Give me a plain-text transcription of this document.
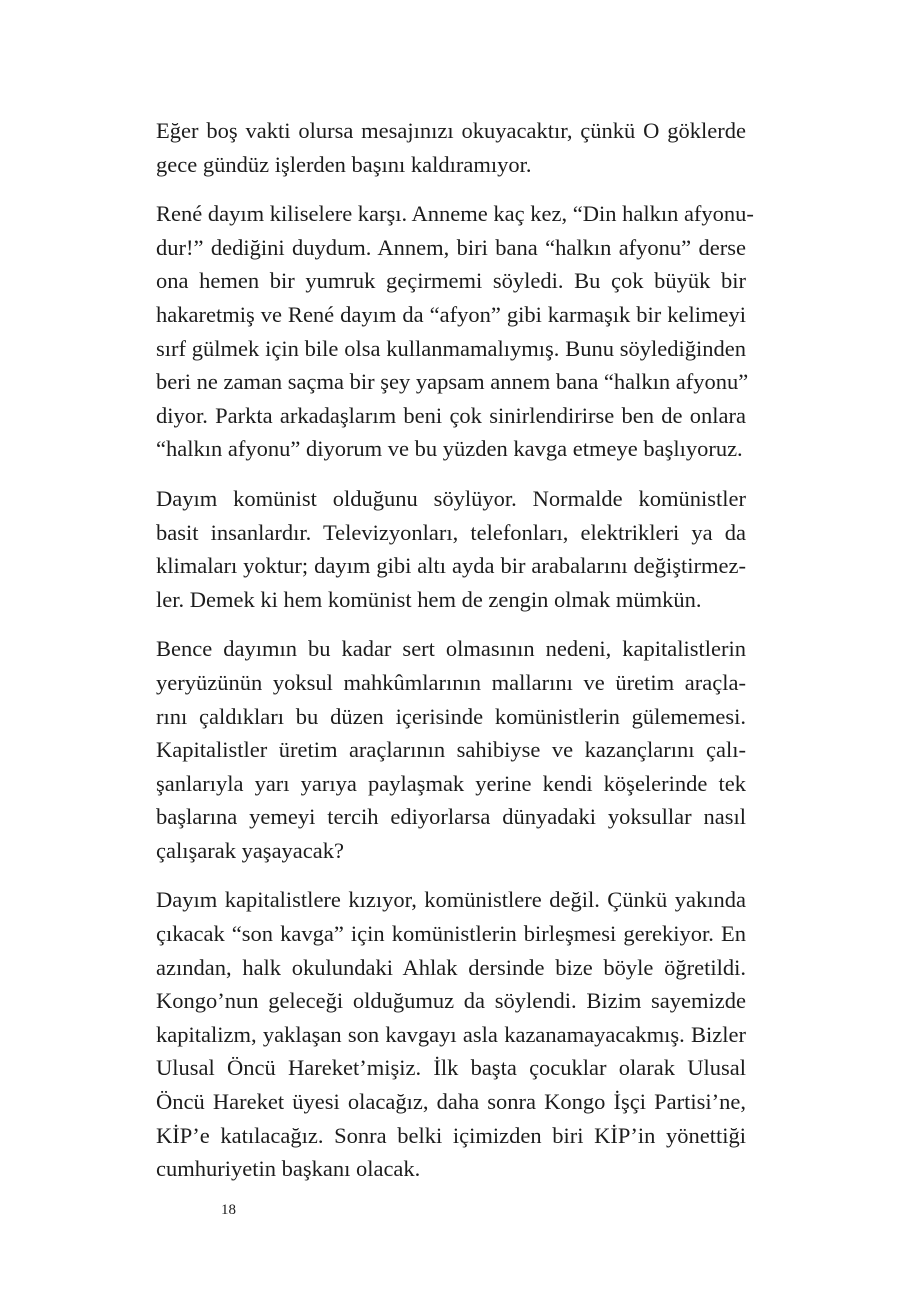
Eğer boş vakti olursa mesajınızı okuyacaktır, çünkü O göklerde
gece gündüz işlerden başını kaldıramıyor.

René dayım kiliselere karşı. Anneme kaç kez, “Din halkın afyonu-
dur!” dediğini duydum. Annem, biri bana “halkın afyonu” derse
ona hemen bir yumruk geçirmemi söyledi. Bu çok büyük bir
hakaretmiş ve René dayım da “afyon” gibi karmaşık bir kelimeyi
sırf gülmek için bile olsa kullanmamalıymış. Bunu söylediğinden
beri ne zaman saçma bir şey yapsam annem bana “halkın afyonu”
diyor. Parkta arkadaşlarım beni çok sinirlendirirse ben de onlara
“halkın afyonu” diyorum ve bu yüzden kavga etmeye başlıyoruz.

Dayım komünist olduğunu söylüyor. Normalde komünistler
basit insanlardır. Televizyonları, telefonları, elektrikleri ya da
klimaları yoktur; dayım gibi altı ayda bir arabalarını değiştirmez-
ler. Demek ki hem komünist hem de zengin olmak mümkün.

Bence dayımın bu kadar sert olmasının nedeni, kapitalistlerin
yeryüzünün yoksul mahkûmlarının mallarını ve üretim araçla-
rını çaldıkları bu düzen içerisinde komünistlerin gülememesi.
Kapitalistler üretim araçlarının sahibiyse ve kazançlarını çalı-
şanlarıyla yarı yarıya paylaşmak yerine kendi köşelerinde tek
başlarına yemeyi tercih ediyorlarsa dünyadaki yoksullar nasıl
çalışarak yaşayacak?

Dayım kapitalistlere kızıyor, komünistlere değil. Çünkü yakında
çıkacak “son kavga” için komünistlerin birleşmesi gerekiyor. En
azından, halk okulundaki Ahlak dersinde bize böyle öğretildi.
Kongo’nun geleceği olduğumuz da söylendi. Bizim sayemizde
kapitalizm, yaklaşan son kavgayı asla kazanamayacakmış. Bizler
Ulusal Öncü Hareket’mişiz. İlk başta çocuklar olarak Ulusal
Öncü Hareket üyesi olacağız, daha sonra Kongo İşçi Partisi’ne,
KİP’e katılacağız. Sonra belki içimizden biri KİP’in yönettiği
cumhuriyetin başkanı olacak.

18
